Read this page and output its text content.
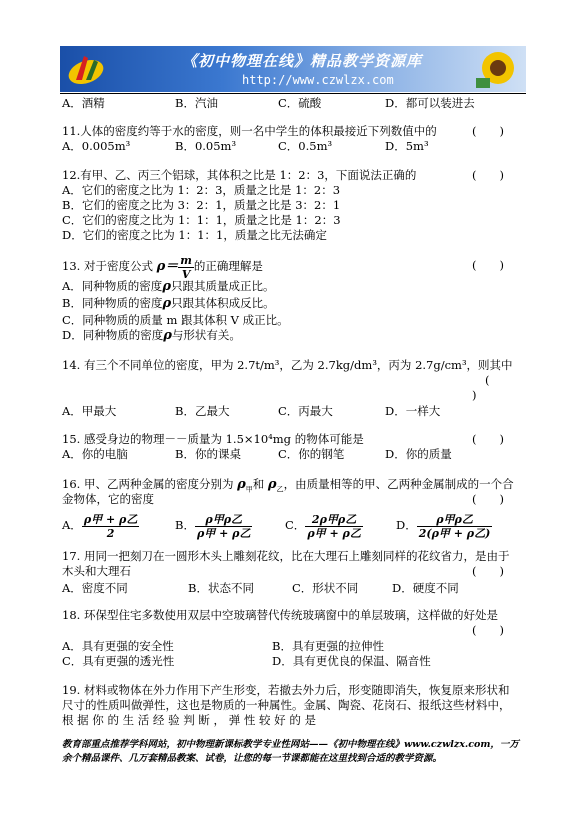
《初中物理在线》精品教学资源库
http://www.czwlzx.com
A．酒精	B．汽油	C．硫酸	D．都可以装进去
11.人体的密度约等于水的密度，则一名中学生的体积最接近下列数值中的	(　　)
A．0.005m³	B．0.05m³	C．0.5m³	D．5m³
12.有甲、乙、丙三个铝球，其体积之比是 1：2：3，下面说法正确的	(　　)
A．它们的密度之比为 1：2：3，质量之比是 1：2：3
B．它们的密度之比为 3：2：1，质量之比是 3：2：1
C．它们的密度之比为 1：1：1，质量之比是 1：2：3
D．它们的密度之比为 1：1：1，质量之比无法确定
13. 对于密度公式 $\rho= \frac{m}{V}$ 的正确理解是	(　　)
A．同种物质的密度ρ只跟其质量成正比。
B．同种物质的密度ρ只跟其体积成反比。
C．同种物质的质量 m 跟其体积 V 成正比。
D．同种物质的密度ρ与形状有关。
14. 有三个不同单位的密度，甲为 2.7t/m³，乙为 2.7kg/dm³，丙为 2.7g/cm³，则其中
(
)
A．甲最大	B．乙最大	C．丙最大	D．一样大
15. 感受身边的物理－－质量为 1.5×10⁴mg 的物体可能是	(　　)
A．你的电脑	B．你的课桌	C．你的钢笔	D．你的质量
16. 甲、乙两种金属的密度分别为 $\rho_甲$和 $\rho_乙$，由质量相等的甲、乙两种金属制成的一个合
金物体，它的密度	(　　)
A． $\frac{\text{ρ甲 + ρ乙}}{2}$	B． $\frac{\text{ρ甲ρ乙}}{\text{ρ甲 + ρ乙}}$	C． $\frac{\text{2ρ甲ρ乙}}{\text{ρ甲 + ρ乙}}$	D． $\frac{\text{ρ甲ρ乙}}{\text{2(ρ甲 + ρ乙)}}$
17. 用同一把刻刀在一圆形木头上雕刻花纹，比在大理石上雕刻同样的花纹省力，是由于
木头和大理石	(　　)
A．密度不同	B．状态不同	C．形状不同	D．硬度不同
18. 环保型住宅多数使用双层中空玻璃替代传统玻璃窗中的单层玻璃，这样做的好处是
(　　)
A．具有更强的安全性	B．具有更强的拉伸性
C．具有更强的透光性	D．具有更优良的保温、隔音性
19. 材料或物体在外力作用下产生形变，若撤去外力后，形变随即消失，恢复原来形状和
尺寸的性质叫做弹性，这也是物质的一种属性。金属、陶瓷、花岗石、报纸这些材料中，
根 据 你 的 生 活 经 验 判 断 ， 弹 性 较 好 的 是
教育部重点推荐学科网站，初中物理新课标教学专业性网站——《初中物理在线》www.czwlzx.com，一万
余个精品课件、几万套精品教案、试卷，让您的每一节课都能在这里找到合适的教学资源。
